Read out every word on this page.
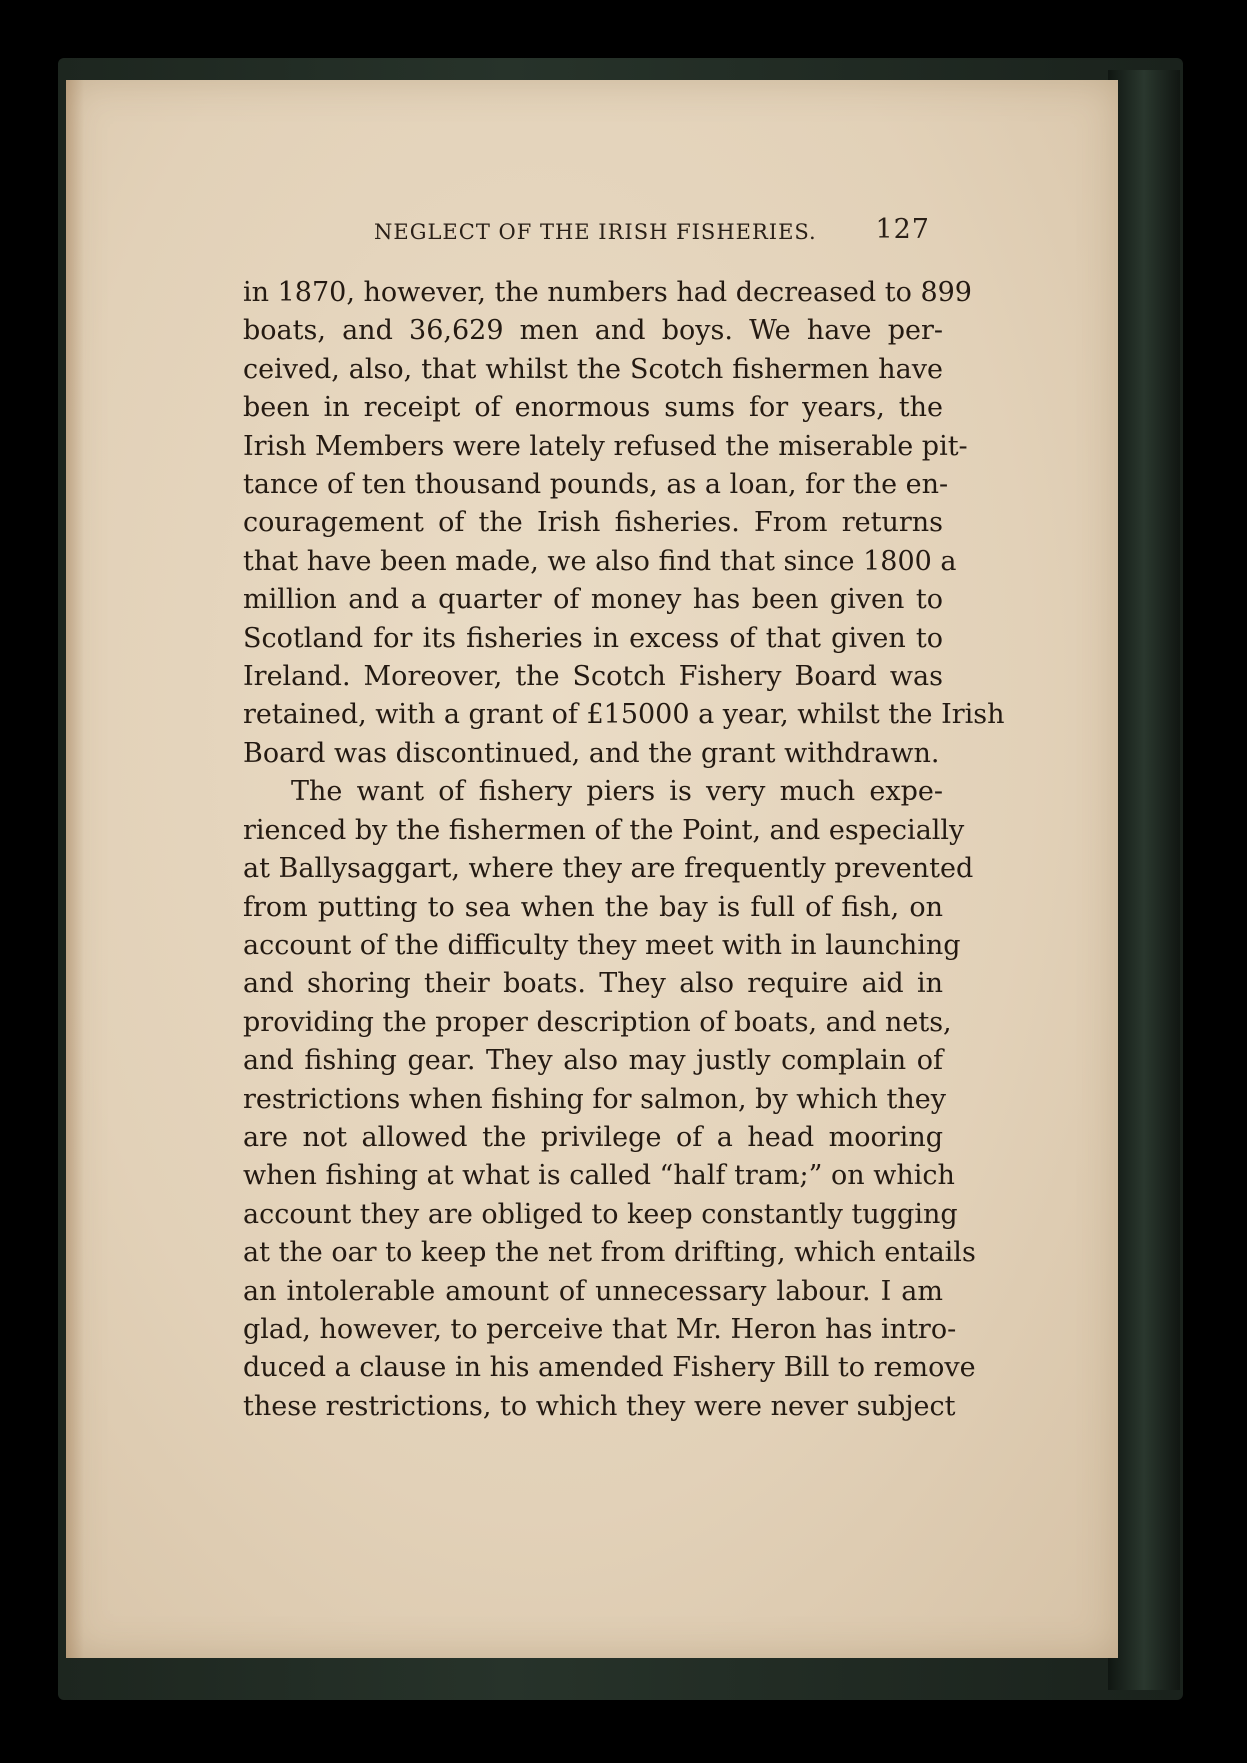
NEGLECT OF THE IRISH FISHERIES. 127

in 1870, however, the numbers had decreased to 899
boats, and 36,629 men and boys. We have per-
ceived, also, that whilst the Scotch fishermen have
been in receipt of enormous sums for years, the
Irish Members were lately refused the miserable pit-
tance of ten thousand pounds, as a loan, for the en-
couragement of the Irish fisheries. From returns
that have been made, we also find that since 1800 a
million and a quarter of money has been given to
Scotland for its fisheries in excess of that given to
Ireland. Moreover, the Scotch Fishery Board was
retained, with a grant of £15000 a year, whilst the Irish
Board was discontinued, and the grant withdrawn.

The want of fishery piers is very much expe-
rienced by the fishermen of the Point, and especially
at Ballysaggart, where they are frequently prevented
from putting to sea when the bay is full of fish, on
account of the difficulty they meet with in launching
and shoring their boats. They also require aid in
providing the proper description of boats, and nets,
and fishing gear. They also may justly complain of
restrictions when fishing for salmon, by which they
are not allowed the privilege of a head mooring
when fishing at what is called “half tram;” on which
account they are obliged to keep constantly tugging
at the oar to keep the net from drifting, which entails
an intolerable amount of unnecessary labour. I am
glad, however, to perceive that Mr. Heron has intro-
duced a clause in his amended Fishery Bill to remove
these restrictions, to which they were never subject
